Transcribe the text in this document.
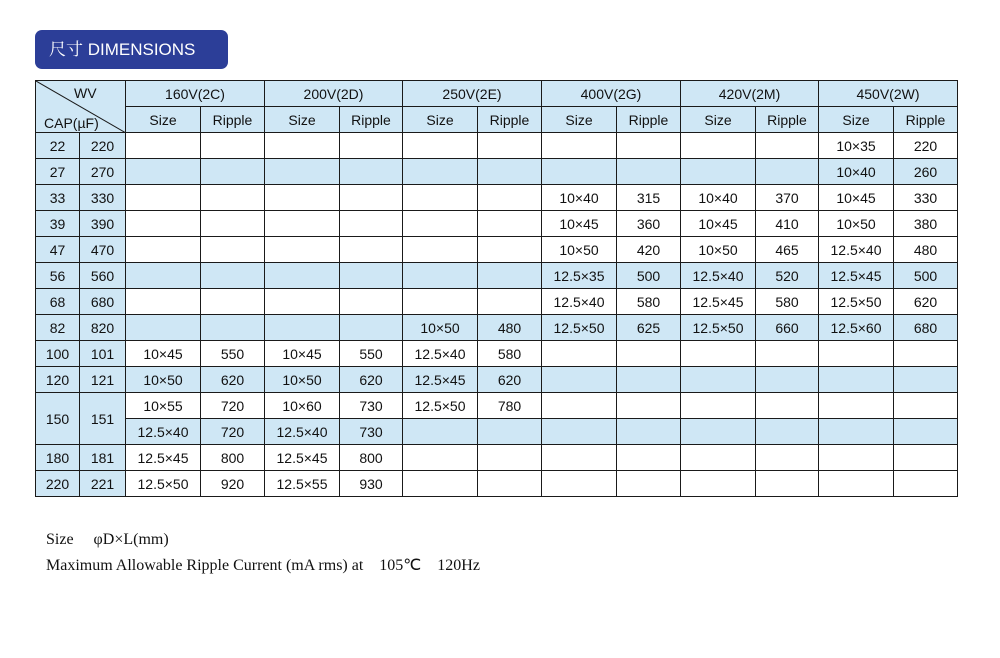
尺寸 DIMENSIONS
WV
CAP(µF)		160V(2C)		200V(2D)		250V(2E)		400V(2G)		420V(2M)		450V(2W)	
		Size	Ripple	Size	Ripple	Size	Ripple	Size	Ripple	Size	Ripple	Size	Ripple
22	220											10×35	220
27	270											10×40	260
33	330							10×40	315	10×40	370	10×45	330
39	390							10×45	360	10×45	410	10×50	380
47	470							10×50	420	10×50	465	12.5×40	480
56	560							12.5×35	500	12.5×40	520	12.5×45	500
68	680							12.5×40	580	12.5×45	580	12.5×50	620
82	820					10×50	480	12.5×50	625	12.5×50	660	12.5×60	680
100	101	10×45	550	10×45	550	12.5×40	580						
120	121	10×50	620	10×50	620	12.5×45	620						
150	151	10×55	720	10×60	730	12.5×50	780						
		12.5×40	720	12.5×40	730								
180	181	12.5×45	800	12.5×45	800								
220	221	12.5×50	920	12.5×55	930								
Size     φD×L(mm)
Maximum Allowable Ripple Current (mA rms) at    105℃    120Hz
